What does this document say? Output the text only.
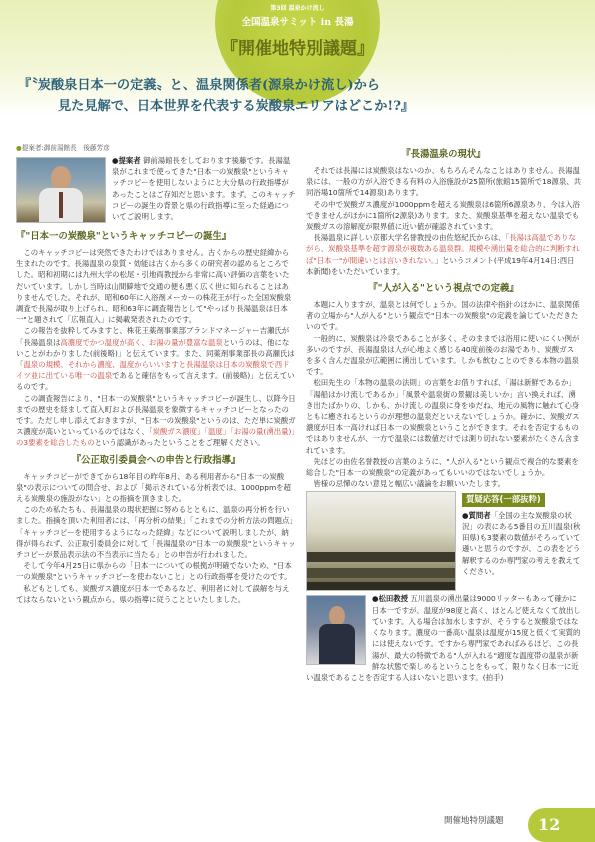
第3回 温泉かけ流し
全国温泉サミット in 長湯
『開催地特別議題』
『〝炭酸泉日本一の定義〟と、温泉関係者(源泉かけ流し)から
見た見解で、日本世界を代表する炭酸泉エリアはどこか!?』
●提案者:御前湯館長　後藤芳彦
●提案者 御前湯館長をしております後藤です。長湯温泉がこれまで使ってきた"日本一の炭酸泉"というキャッチコピーを使用しないようにと大分県の行政指導があったことはご存知だと思います。まず、このキャッチコピーの誕生の背景と県の行政指導に至った経過についてご説明します。
『"日本一の炭酸泉"というキャッチコピーの誕生』

このキャッチコピーは突然できたわけではありません。古くからの歴史経緯から生まれたのです。長湯温泉の泉質・効能は古くから多くの研究者の認めるところでした。昭和初期には九州大学の松尾・引地両教授から非常に高い評価の言葉をいただいています。しかし当時は山間僻地で交通の便も悪く広く世に知られることはありませんでした。それが、昭和60年に入浴剤メーカーの株花王が行った全国炭酸泉調査で長湯が取り上げられ、昭和63年に調査報告として"やっぱり長湯温泉は日本一"と題されて「広報直入」に掲載発表されたのです。

この報告を抜粋してみますと、株花王薬剤事業部ブランドマネージャー吉瀬氏が「長湯温泉は高濃度でかつ温度が高く、お湯の量が豊富な温泉というのは、他にないことがわかりました(前後略)」と伝えています。また、同薬剤事業部長の高瀬氏は「温泉の規模、それから濃度、温度からいいますと長湯温泉は日本の炭酸泉で西ドイツ並に出ている唯一の温泉であると確信をもって言えます。(前後略)」と伝えているのです。

この調査報告により、"日本一の炭酸泉"というキャッチコピーが誕生し、以降今日までの歴史を経まして直入町および長湯温泉を象徴するキャッチコピーとなったのです。ただし申し添えておきますが、"日本一の炭酸泉"というのは、ただ単に炭酸ガス濃度が高いといっているのではなく、「炭酸ガス濃度」「温度」「お湯の量(湧出量)」の3要素を総合したものという認識があったということをご理解ください。

『公正取引委員会への申告と行政指導』

キャッチコピーができてから18年目の昨年8月、ある利用者から"日本一の炭酸泉"の表示についての問合せ、および「掲示されている分析表では、1000ppmを超える炭酸泉の施設がない」との指摘を頂きました。

このため私たちも、長湯温泉の現状把握に努めるとともに、温泉の再分析を行いました。指摘を頂いた利用者には、「再分析の結果」「これまでの分析方法の問題点」「キャッチコピーを使用するようになった経緯」などについて説明しましたが、納得が得られず、公正取引委員会に対して「長湯温泉の"日本一の炭酸泉"というキャッチコピーが景品表示法の不当表示に当たる」との申告が行われました。

そして今年4月25日に県からの「日本一についての根拠が明確でないため、"日本一の炭酸泉"というキャッチコピーを使わないこと」との行政指導を受けたのです。

私どもとしても、炭酸ガス濃度が日本一であるなど、利用者に対して誤解を与えてはならないという観点から、県の指導に従うことといたしました。

『長湯温泉の現状』

それでは長湯には炭酸泉はないのか、もちろんそんなことはありません。長湯温泉には、一般の方が入浴できる有料の入浴施設が25箇所(旅館15箇所で18源泉、共同浴場10箇所で14源泉)あります。

その中で炭酸ガス濃度が1000ppmを超える炭酸泉は6箇所6源泉あり、今は入浴できませんがほかに1箇所(2源泉)あります。また、炭酸泉基準を超えない温泉でも炭酸ガスの溶解度が限界値に近い値が確認されています。

長湯温泉に詳しい京都大学名誉教授の由佐悠紀氏からは、「長湯は高温でありながら、炭酸泉基準を超す源泉が複数ある温泉群。規模や湧出量を総合的に判断すれば"日本一"が間違いとは言いきれない。」というコメント(平成19年4月14日:西日本新聞)をいただいています。

『"人が入る"という視点での定義』

本題に入りますが、温泉とは何でしょうか。国の法律や指針のほかに、温泉関係者の立場から"人が入る"という観点で"日本一の炭酸泉"の定義を論じていただきたいのです。

一般的に、炭酸泉は冷泉であることが多く、そのままでは浴用に使いにくい例が多いのですが、長湯温泉は人が心地よく感じる40度前後のお湯であり、炭酸ガスを多く含んだ温泉が広範囲に湧出しています。しかも飲むことのできる本物の温泉です。

松田先生の「本物の温泉の法則」の言葉をお借りすれば、「湯は新鮮であるか」「湯船はかけ流しであるか」「風景や温泉街の景観は美しいか」言い換えれば、湧き出たばかりの、しかも、かけ流しの温泉に身をゆだね、地元の風物に触れて心身ともに癒されるというのが理想の温泉だといえないでしょうか。確かに、炭酸ガス濃度が日本一高ければ日本一の炭酸泉ということができます。それを否定するものではありませんが、一方で温泉には数値だけでは測り切れない要素がたくさん含まれています。

先ほどの由佐名誉教授の言葉のように、"人が入る"という観点で複合的な要素を総合した"日本一の炭酸泉"の定義があってもいいのではないでしょうか。

皆様の忌憚のない意見と幅広い議論をお願いいたします。

質疑応答(一部抜粋)
●質問者「全国の主な炭酸泉の状況」の表にある5番目の五川温泉(秋田県)も3要素の数値がそろっていて遜いと思うのですが、この表をどう解釈するのか専門家の考えを教えてください。
●松田教授 五川温泉の湧出量は9000リッターもあって確かに日本一ですが、温度が98度と高く、ほとんど使えなくて放出しています。入る場合は加水しますが、そうすると炭酸泉ではなくなります。濃度の一番高い温泉は温度が15度と低くて実質的には使えないです。ですから専門家であればみるほど、この長湯が、最大の特徴である"人が入れる"適度な温度帯の温泉が新鮮な状態で楽しめるということをもって、限りなく日本一に近い温泉であることを否定する人はいないと思います。(拍手)
開催地特別議題	12
